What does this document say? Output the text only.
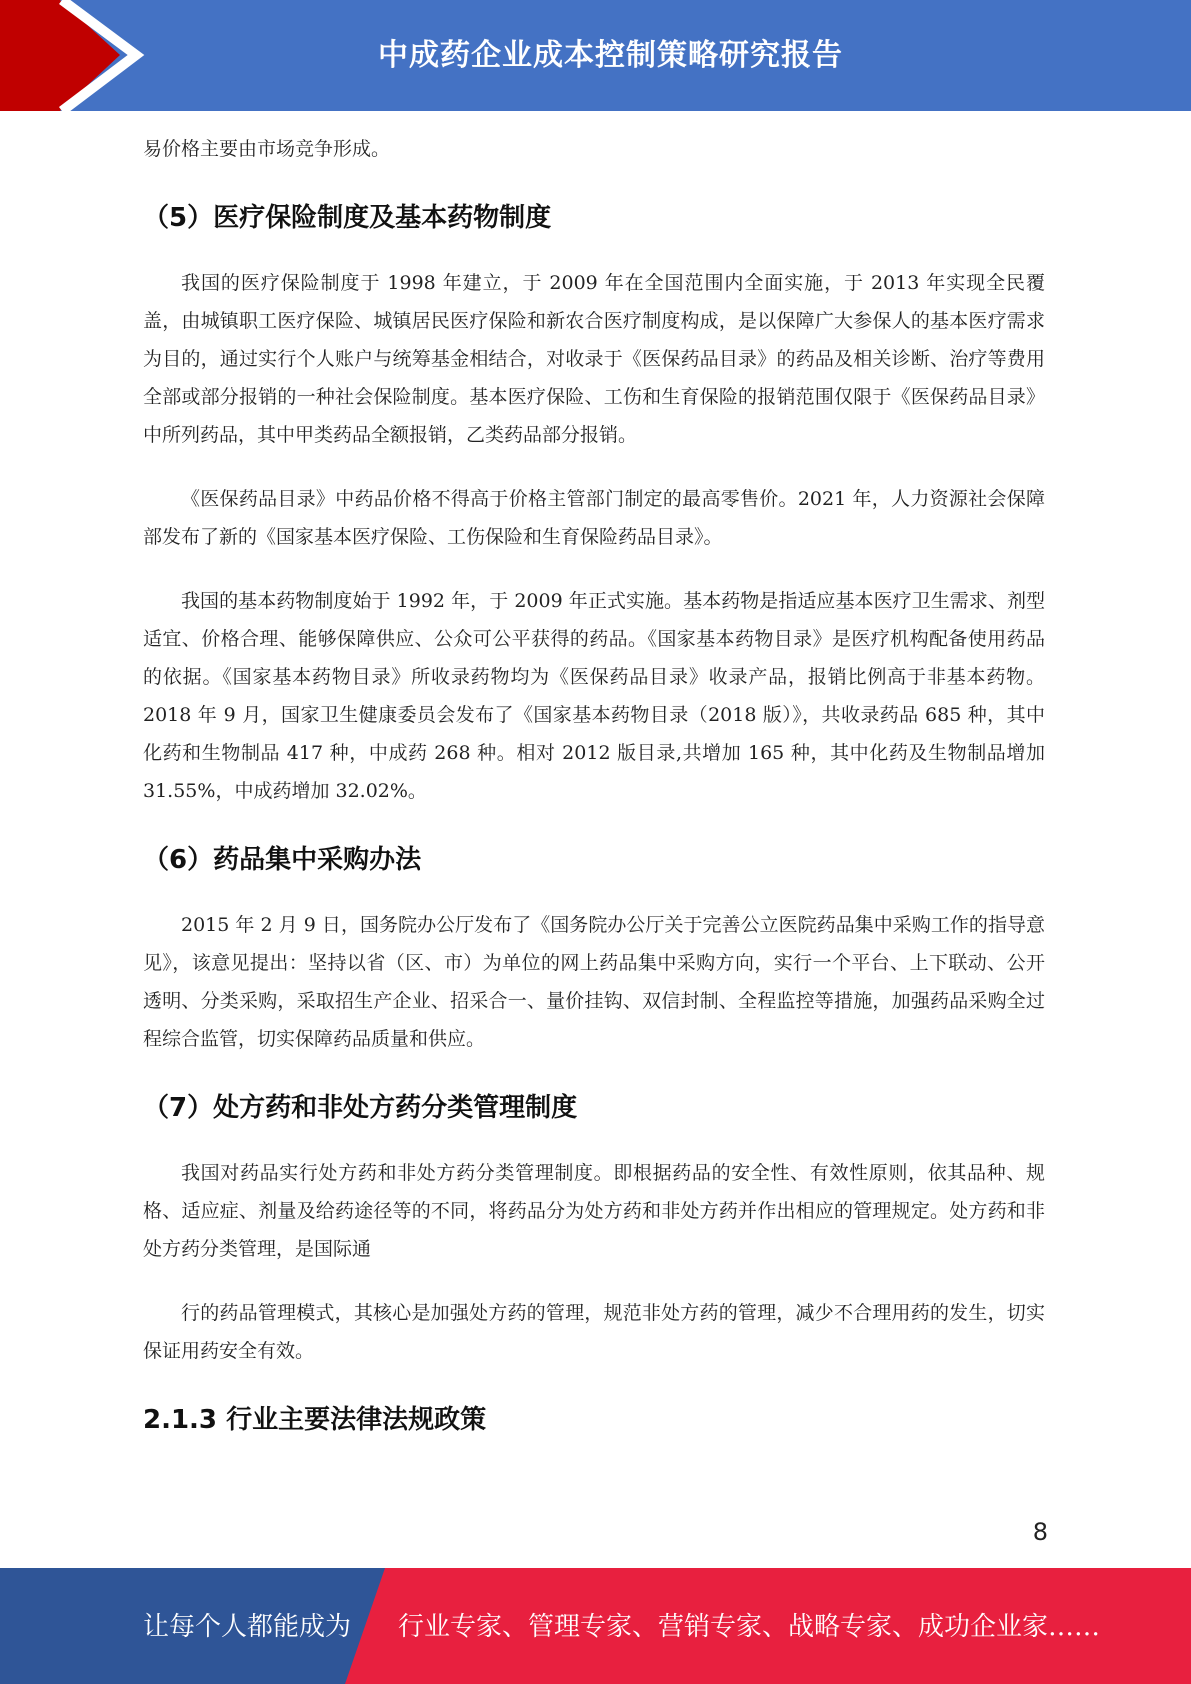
中成药企业成本控制策略研究报告

易价格主要由市场竞争形成。

（5）医疗保险制度及基本药物制度

我国的医疗保险制度于 1998 年建立，于 2009 年在全国范围内全面实施，于 2013 年实现全民覆盖，由城镇职工医疗保险、城镇居民医疗保险和新农合医疗制度构成，是以保障广大参保人的基本医疗需求为目的，通过实行个人账户与统筹基金相结合，对收录于《医保药品目录》的药品及相关诊断、治疗等费用全部或部分报销的一种社会保险制度。基本医疗保险、工伤和生育保险的报销范围仅限于《医保药品目录》中所列药品，其中甲类药品全额报销，乙类药品部分报销。

《医保药品目录》中药品价格不得高于价格主管部门制定的最高零售价。2021 年，人力资源社会保障部发布了新的《国家基本医疗保险、工伤保险和生育保险药品目录》。

我国的基本药物制度始于 1992 年，于 2009 年正式实施。基本药物是指适应基本医疗卫生需求、剂型适宜、价格合理、能够保障供应、公众可公平获得的药品。《国家基本药物目录》是医疗机构配备使用药品的依据。《国家基本药物目录》所收录药物均为《医保药品目录》收录产品，报销比例高于非基本药物。2018 年 9 月，国家卫生健康委员会发布了《国家基本药物目录（2018 版）》，共收录药品 685 种，其中化药和生物制品 417 种，中成药 268 种。相对 2012 版目录,共增加 165 种，其中化药及生物制品增加 31.55%，中成药增加 32.02%。

（6）药品集中采购办法

2015 年 2 月 9 日，国务院办公厅发布了《国务院办公厅关于完善公立医院药品集中采购工作的指导意见》，该意见提出：坚持以省（区、市）为单位的网上药品集中采购方向，实行一个平台、上下联动、公开透明、分类采购，采取招生产企业、招采合一、量价挂钩、双信封制、全程监控等措施，加强药品采购全过程综合监管，切实保障药品质量和供应。

（7）处方药和非处方药分类管理制度

我国对药品实行处方药和非处方药分类管理制度。即根据药品的安全性、有效性原则，依其品种、规格、适应症、剂量及给药途径等的不同，将药品分为处方药和非处方药并作出相应的管理规定。处方药和非处方药分类管理，是国际通

行的药品管理模式，其核心是加强处方药的管理，规范非处方药的管理，减少不合理用药的发生，切实保证用药安全有效。

2.1.3 行业主要法律法规政策
8
让每个人都能成为 行业专家、管理专家、营销专家、战略专家、成功企业家……
